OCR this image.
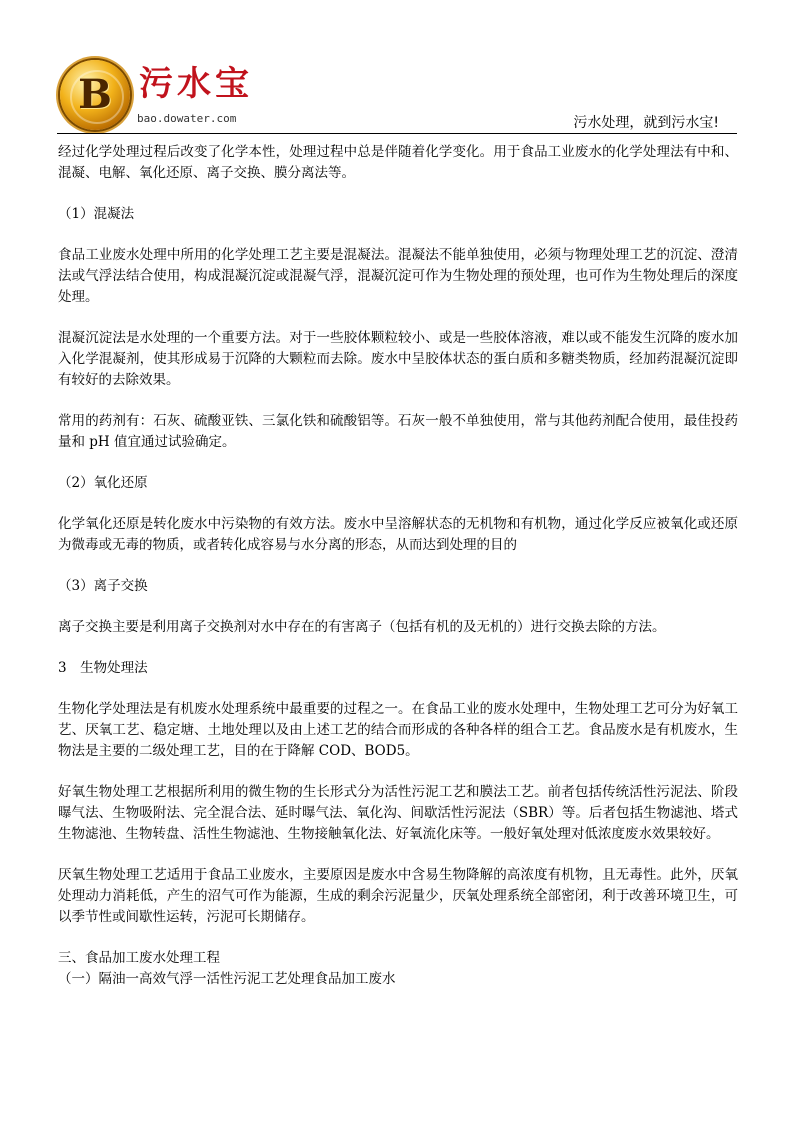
B 污水宝
bao.dowater.com	污水处理，就到污水宝!

经过化学处理过程后改变了化学本性，处理过程中总是伴随着化学变化。用于食品工业废水的化学处理法有中和、混凝、电解、氧化还原、离子交换、膜分离法等。

（1）混凝法

食品工业废水处理中所用的化学处理工艺主要是混凝法。混凝法不能单独使用，必须与物理处理工艺的沉淀、澄清法或气浮法结合使用，构成混凝沉淀或混凝气浮，混凝沉淀可作为生物处理的预处理，也可作为生物处理后的深度处理。

混凝沉淀法是水处理的一个重要方法。对于一些胶体颗粒较小、或是一些胶体溶液，难以或不能发生沉降的废水加入化学混凝剂，使其形成易于沉降的大颗粒而去除。废水中呈胶体状态的蛋白质和多糖类物质，经加药混凝沉淀即有较好的去除效果。

常用的药剂有：石灰、硫酸亚铁、三氯化铁和硫酸铝等。石灰一般不单独使用，常与其他药剂配合使用，最佳投药量和 pH 值宜通过试验确定。

（2）氧化还原

化学氧化还原是转化废水中污染物的有效方法。废水中呈溶解状态的无机物和有机物，通过化学反应被氧化或还原为微毒或无毒的物质，或者转化成容易与水分离的形态，从而达到处理的目的

（3）离子交换

离子交换主要是利用离子交换剂对水中存在的有害离子（包括有机的及无机的）进行交换去除的方法。

3　生物处理法

生物化学处理法是有机废水处理系统中最重要的过程之一。在食品工业的废水处理中，生物处理工艺可分为好氧工艺、厌氧工艺、稳定塘、土地处理以及由上述工艺的结合而形成的各种各样的组合工艺。食品废水是有机废水，生物法是主要的二级处理工艺，目的在于降解 COD、BOD5。

好氧生物处理工艺根据所利用的微生物的生长形式分为活性污泥工艺和膜法工艺。前者包括传统活性污泥法、阶段曝气法、生物吸附法、完全混合法、延时曝气法、氧化沟、间歇活性污泥法（SBR）等。后者包括生物滤池、塔式生物滤池、生物转盘、活性生物滤池、生物接触氧化法、好氧流化床等。一般好氧处理对低浓度废水效果较好。

厌氧生物处理工艺适用于食品工业废水，主要原因是废水中含易生物降解的高浓度有机物，且无毒性。此外，厌氧处理动力消耗低，产生的沼气可作为能源，生成的剩余污泥量少，厌氧处理系统全部密闭，利于改善环境卫生，可以季节性或间歇性运转，污泥可长期储存。

三、食品加工废水处理工程

（一）隔油一高效气浮一活性污泥工艺处理食品加工废水
